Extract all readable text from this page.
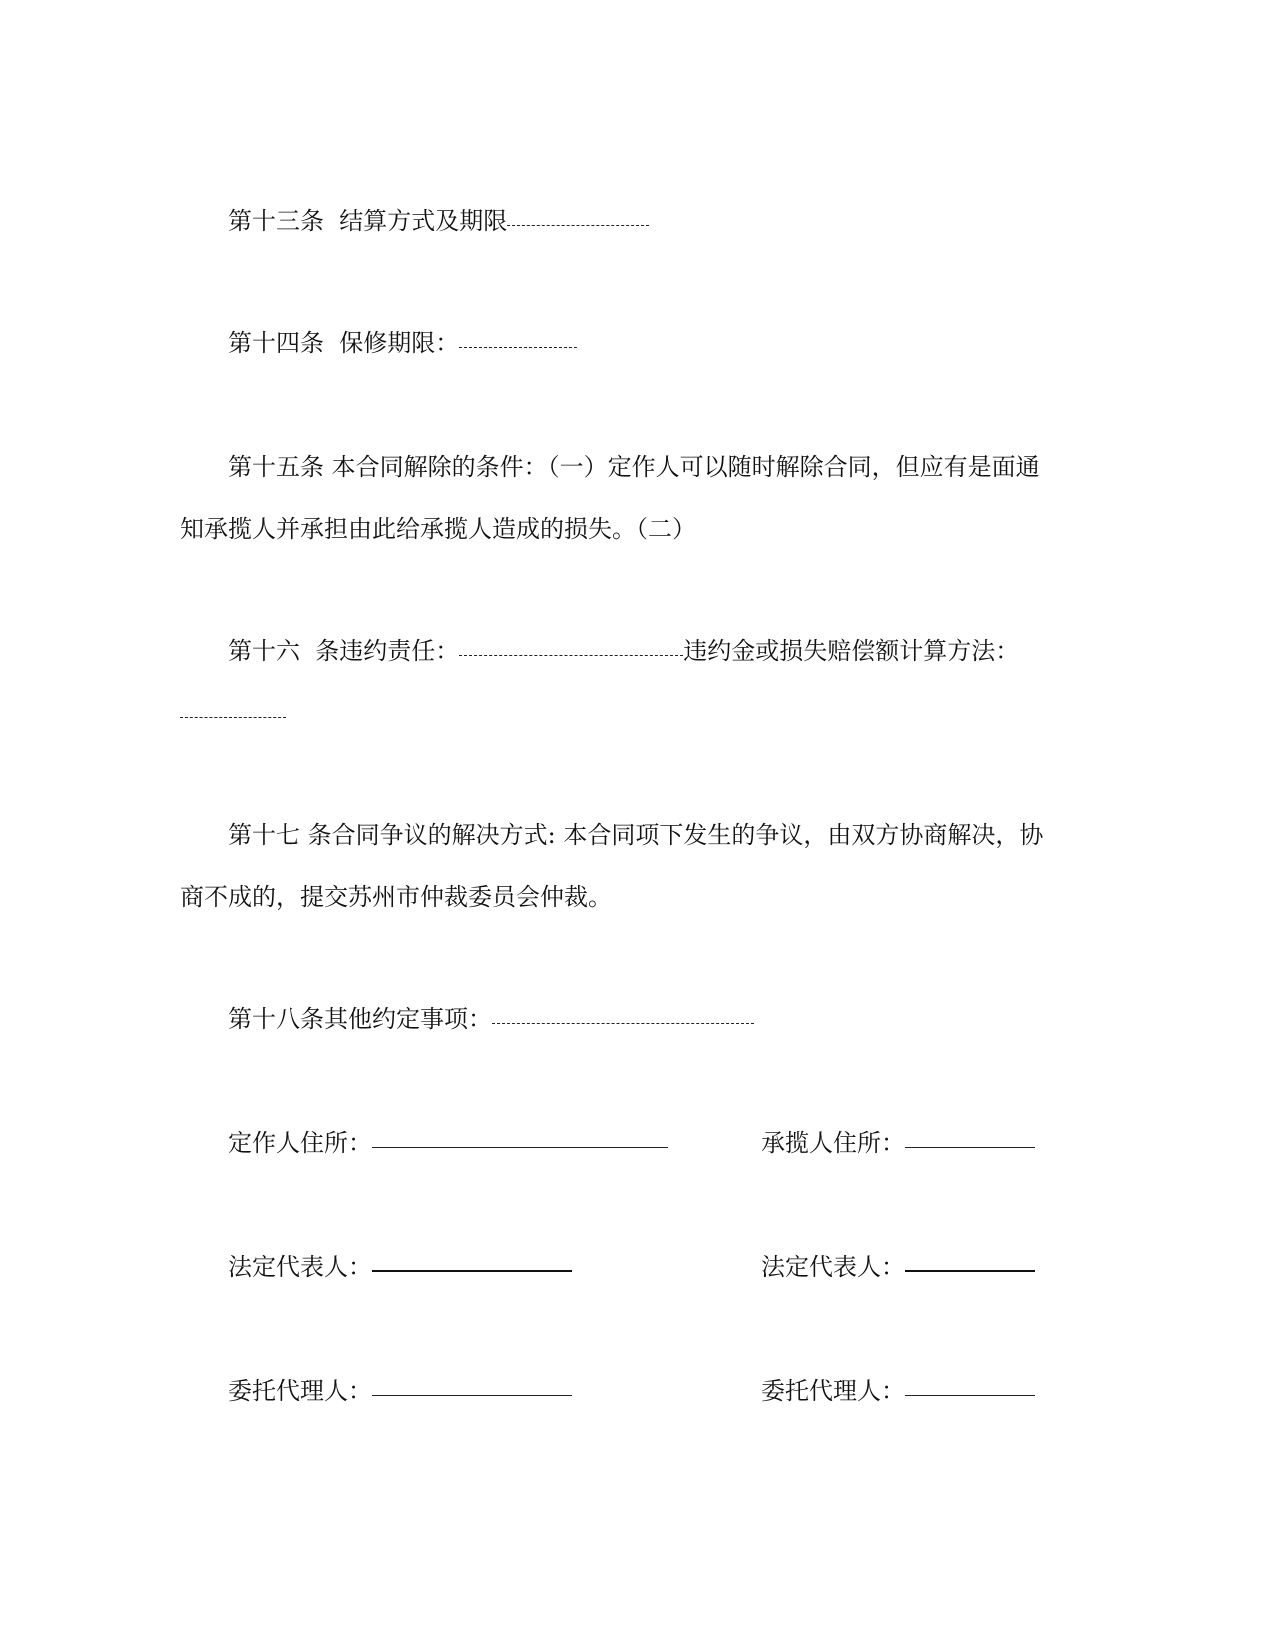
第十三条 结算方式及期限
第十四条 保修期限：
第十五条 本合同解除的条件：（一）定作人可以随时解除合同，但应有是面通
知承揽人并承担由此给承揽人造成的损失。（二）
第十六 条违约责任：	违约金或损失赔偿额计算方法：
第十七 条合同争议的解决方式: 本合同项下发生的争议，由双方协商解决，协
商不成的，提交苏州市仲裁委员会仲裁。
第十八条其他约定事项：
定作人住所：
法定代表人：
委托代理人：
承揽人住所：
法定代表人：
委托代理人：
